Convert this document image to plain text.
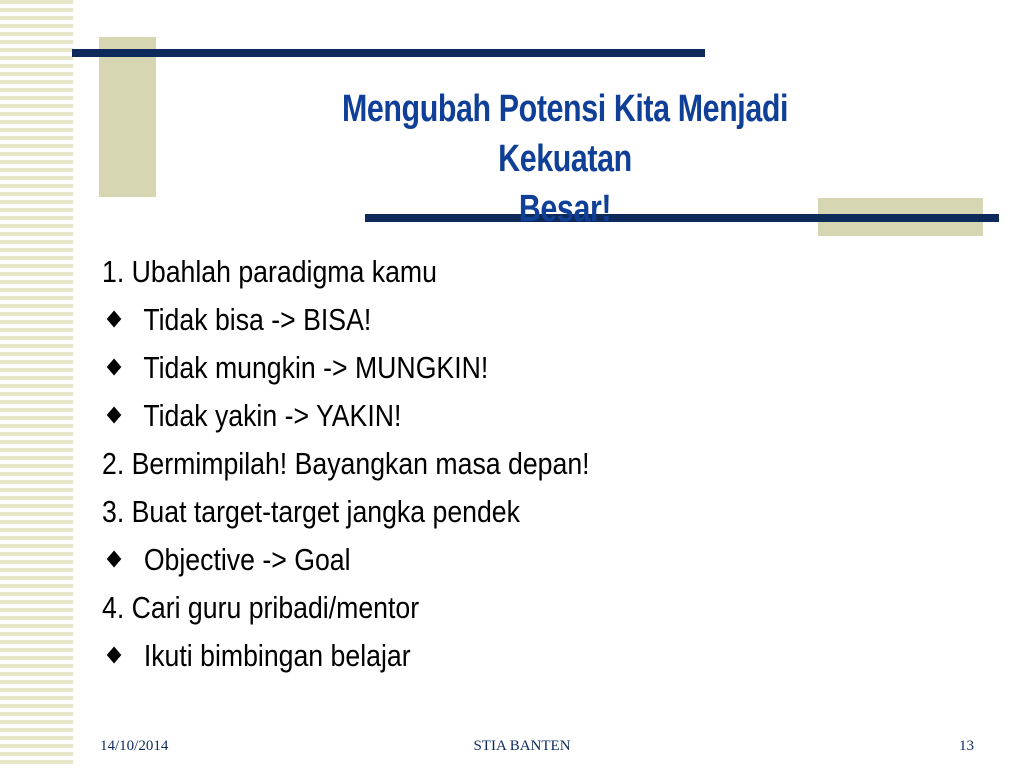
Mengubah Potensi Kita Menjadi Kekuatan
Besar!
1. Ubahlah paradigma kamu
Tidak bisa -> BISA!
Tidak mungkin -> MUNGKIN!
Tidak yakin -> YAKIN!
2. Bermimpilah! Bayangkan masa depan!
3. Buat target-target jangka pendek
Objective -> Goal
4. Cari guru pribadi/mentor
Ikuti bimbingan belajar
14/10/2014	STIA BANTEN	13
